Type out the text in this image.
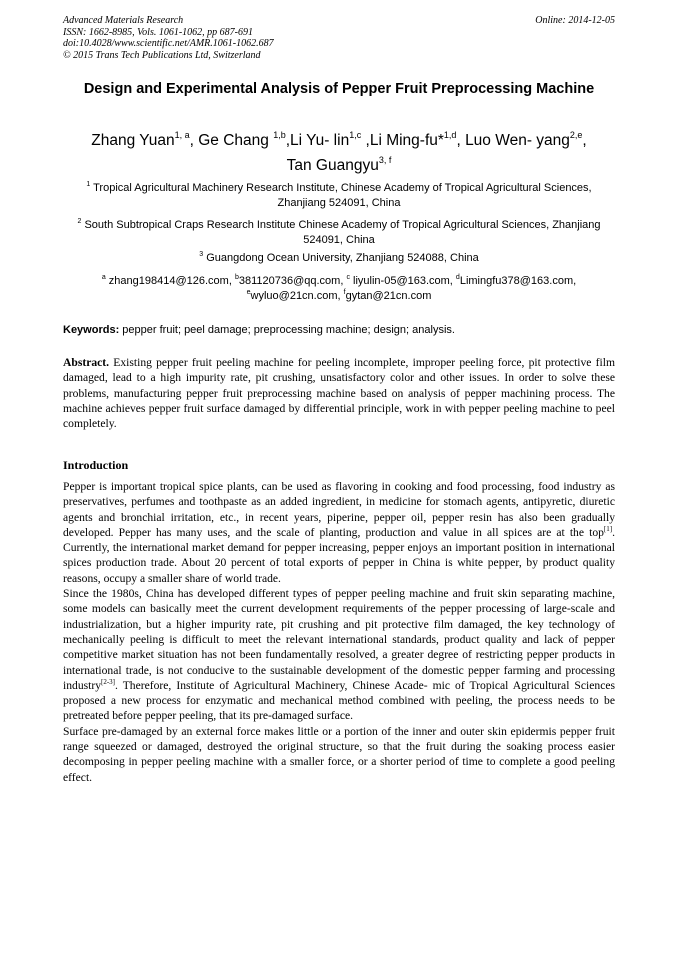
Advanced Materials Research
ISSN: 1662-8985, Vols. 1061-1062, pp 687-691
doi:10.4028/www.scientific.net/AMR.1061-1062.687
© 2015 Trans Tech Publications Ltd, Switzerland
Online: 2014-12-05
Design and Experimental Analysis of Pepper Fruit Preprocessing Machine
Zhang Yuan$^{1, a}$, Ge Chang $^{1,b}$,Li Yu- lin$^{1,c}$ ,Li Ming-fu*$^{1,d}$, Luo Wen- yang$^{2,e}$,
Tan Guangyu$^{3, f}$
$^1$ Tropical Agricultural Machinery Research Institute, Chinese Academy of Tropical Agricultural Sciences, Zhanjiang 524091, China
$^2$ South Subtropical Craps Research Institute Chinese Academy of Tropical Agricultural Sciences, Zhanjiang 524091, China
$^3$ Guangdong Ocean University, Zhanjiang 524088, China
$^a$ zhang198414@126.com, $^b$381120736@qq.com, $^c$ liyulin-05@163.com, $^d$Limingfu378@163.com,
$^e$wyluo@21cn.com, $^f$gytan@21cn.com
Keywords: pepper fruit; peel damage; preprocessing machine; design; analysis.

Abstract. Existing pepper fruit peeling machine for peeling incomplete, improper peeling force, pit protective film damaged, lead to a high impurity rate, pit crushing, unsatisfactory color and other issues. In order to solve these problems, manufacturing pepper fruit preprocessing machine based on analysis of pepper machining process. The machine achieves pepper fruit surface damaged by differential principle, work in with pepper peeling machine to peel completely.

Introduction

Pepper is important tropical spice plants, can be used as flavoring in cooking and food processing, food industry as preservatives, perfumes and toothpaste as an added ingredient, in medicine for stomach agents, antipyretic, diuretic agents and bronchial irritation, etc., in recent years, piperine, pepper oil, pepper resin has also been gradually developed. Pepper has many uses, and the scale of planting, production and value in all spices are at the top[1]. Currently, the international market demand for pepper increasing, pepper enjoys an important position in international spices production trade. About 20 percent of total exports of pepper in China is white pepper, by product quality reasons, occupy a smaller share of world trade.

Since the 1980s, China has developed different types of pepper peeling machine and fruit skin separating machine, some models can basically meet the current development requirements of the pepper processing of large-scale and industrialization, but a higher impurity rate, pit crushing and pit protective film damaged, the key technology of mechanically peeling is difficult to meet the relevant international standards, product quality and lack of pepper competitive market situation has not been fundamentally resolved, a greater degree of restricting pepper products in international trade, is not conducive to the sustainable development of the domestic pepper farming and processing industry[2-3]. Therefore, Institute of Agricultural Machinery, Chinese Acade- mic of Tropical Agricultural Sciences proposed a new process for enzymatic and mechanical method combined with peeling, the process needs to be pretreated before pepper peeling, that its pre-damaged surface.

Surface pre-damaged by an external force makes little or a portion of the inner and outer skin epidermis pepper fruit range squeezed or damaged, destroyed the original structure, so that the fruit during the soaking process easier decomposing in pepper peeling machine with a smaller force, or a shorter period of time to complete a good peeling effect.
